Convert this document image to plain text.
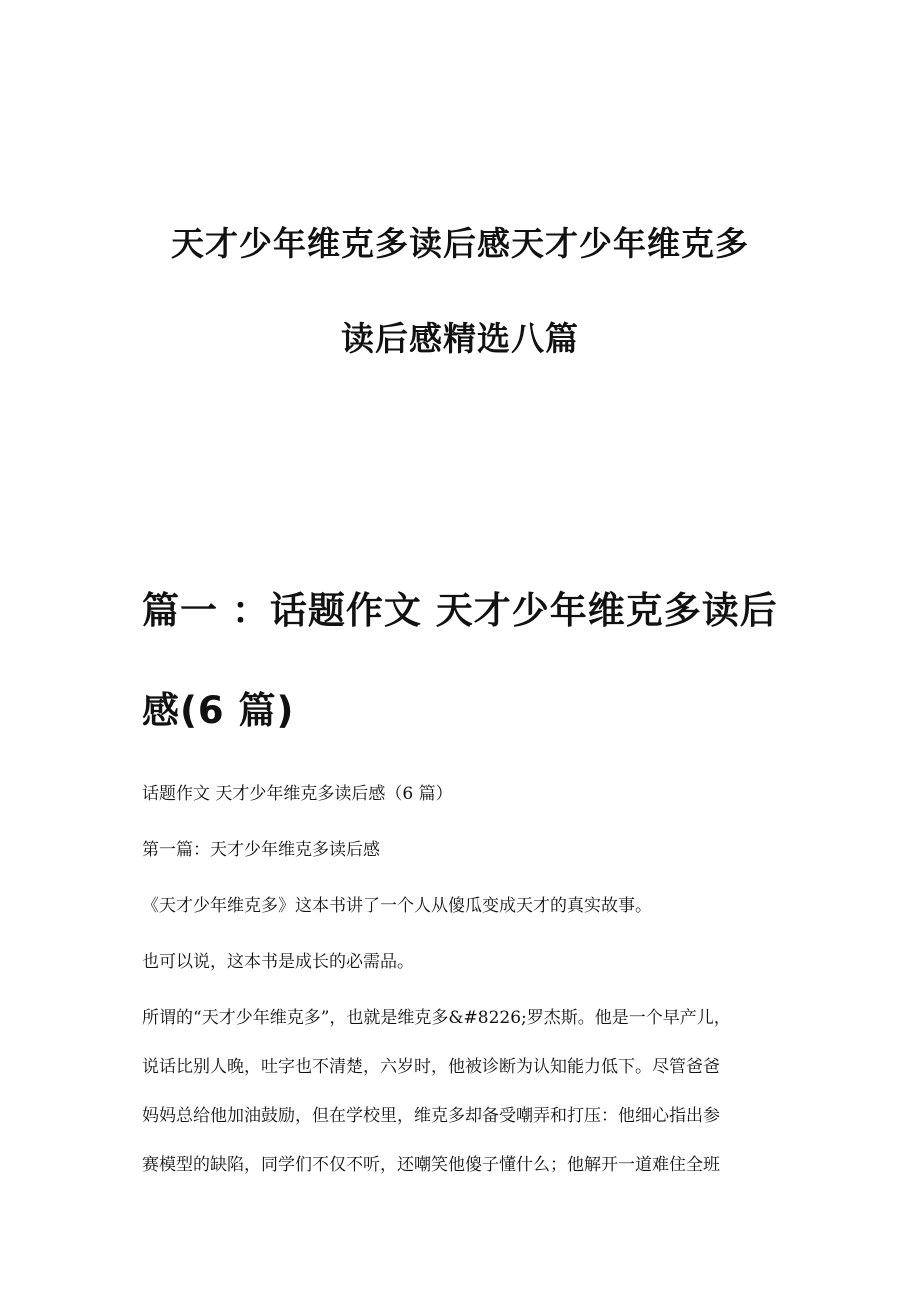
天才少年维克多读后感天才少年维克多
读后感精选八篇
篇一 ：话题作文 天才少年维克多读后
感(6 篇)

话题作文 天才少年维克多读后感（6 篇）

第一篇：天才少年维克多读后感

《天才少年维克多》这本书讲了一个人从傻瓜变成天才的真实故事。

也可以说，这本书是成长的必需品。

所谓的“天才少年维克多”，也就是维克多&#8226;罗杰斯。他是一个早产儿，
说话比别人晚，吐字也不清楚，六岁时，他被诊断为认知能力低下。尽管爸爸
妈妈总给他加油鼓励，但在学校里，维克多却备受嘲弄和打压：他细心指出参
赛模型的缺陷，同学们不仅不听，还嘲笑他傻子懂什么；他解开一道难住全班
